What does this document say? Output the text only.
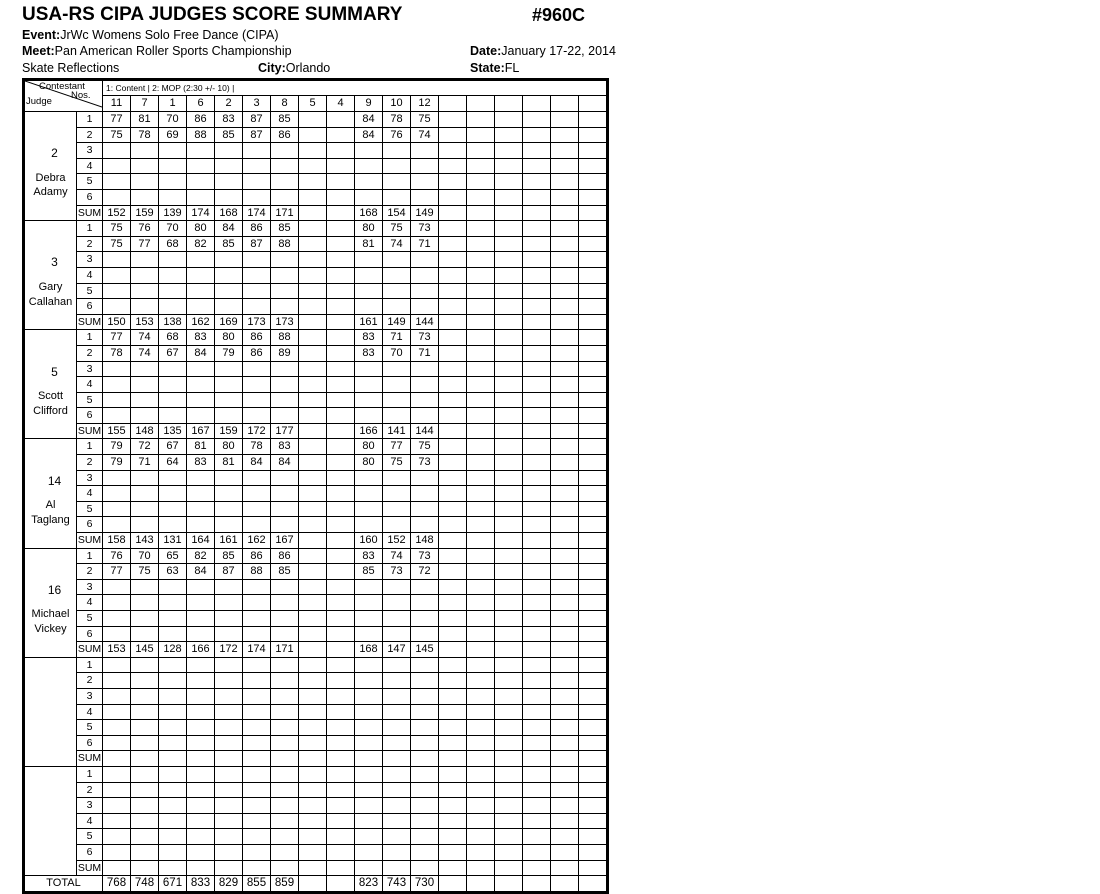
USA-RS CIPA JUDGES SCORE SUMMARY	#960C
Event:JrWc Womens Solo Free Dance (CIPA)
Meet:Pan American Roller Sports Championship
Skate Reflections
Date:January 17-22, 2014
City:Orlando	State:FL
Contestant
Nos.
Judge		1: Content | 2: MOP (2:30 +/- 10) |																	
		11	7	1	6	2	3	8	5	4	9	10	12						

2
Debra
Adamy	1	77	81	70	86	83	87	85			84	78	75						
	2	75	78	69	88	85	87	86			84	76	74						
	3																		
	4																		
	5																		
	6																		
	SUM	152	159	139	174	168	174	171			168	154	149						

3
Gary
Callahan	1	75	76	70	80	84	86	85			80	75	73						
	2	75	77	68	82	85	87	88			81	74	71						
	3																		
	4																		
	5																		
	6																		
	SUM	150	153	138	162	169	173	173			161	149	144						

5
Scott
Clifford	1	77	74	68	83	80	86	88			83	71	73						
	2	78	74	67	84	79	86	89			83	70	71						
	3																		
	4																		
	5																		
	6																		
	SUM	155	148	135	167	159	172	177			166	141	144						

14
Al
Taglang	1	79	72	67	81	80	78	83			80	77	75						
	2	79	71	64	83	81	84	84			80	75	73						
	3																		
	4																		
	5																		
	6																		
	SUM	158	143	131	164	161	162	167			160	152	148						

16
Michael
Vickey	1	76	70	65	82	85	86	86			83	74	73						
	2	77	75	63	84	87	88	85			85	73	72						
	3																		
	4																		
	5																		
	6																		
	SUM	153	145	128	166	172	174	171			168	147	145						

	1																		
	2																		
	3																		
	4																		
	5																		
	6																		
	SUM																		

	1																		
	2																		
	3																		
	4																		
	5																		
	6																		
	SUM																		
TOTAL		768	748	671	833	829	855	859			823	743	730						
